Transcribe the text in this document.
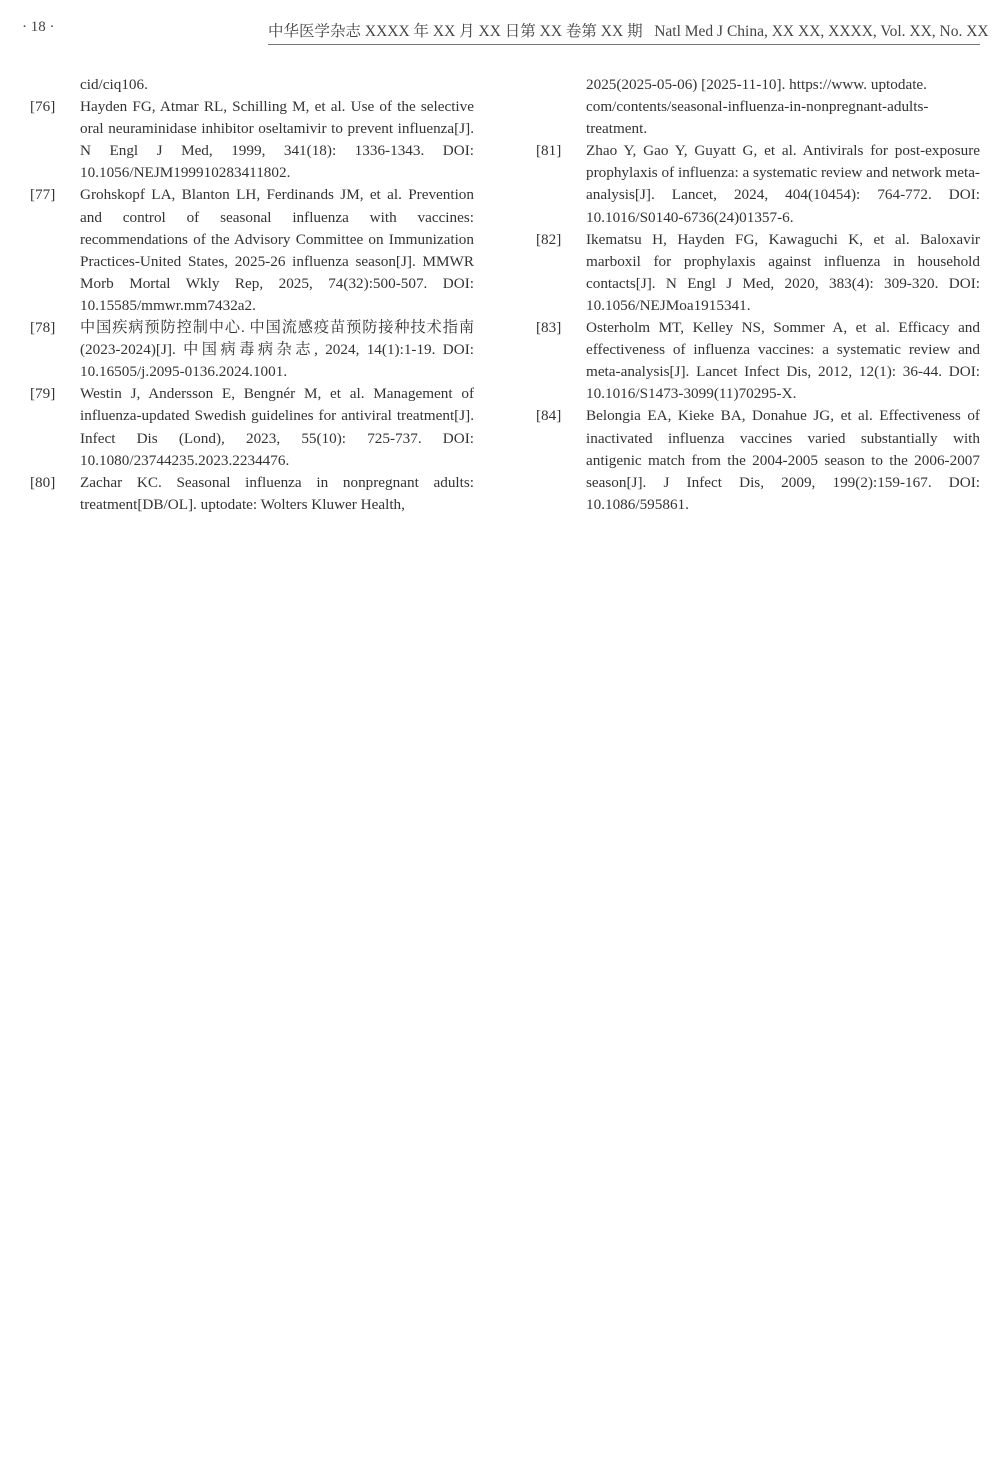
· 18 ·	中华医学杂志 XXXX 年 XX 月 XX 日第 XX 卷第 XX 期 Natl Med J China, XX XX, XXXX, Vol. XX, No. XX
cid/ciq106.
[76]	Hayden FG, Atmar RL, Schilling M, et al. Use of the selective oral neuraminidase inhibitor oseltamivir to prevent influenza[J]. N Engl J Med, 1999, 341(18): 1336-1343. DOI: 10.1056/NEJM199910283411802.
[77]	Grohskopf LA, Blanton LH, Ferdinands JM, et al. Prevention and control of seasonal influenza with vaccines: recommendations of the Advisory Committee on Immunization Practices-United States, 2025-26 influenza season[J]. MMWR Morb Mortal Wkly Rep, 2025, 74(32):500-507. DOI: 10.15585/mmwr.mm7432a2.
[78]	中国疾病预防控制中心. 中国流感疫苗预防接种技术指南(2023-2024)[J]. 中国病毒病杂志, 2024, 14(1):1-19. DOI: 10.16505/j.2095-0136.2024.1001.
[79]	Westin J, Andersson E, Bengnér M, et al. Management of influenza-updated Swedish guidelines for antiviral treatment[J]. Infect Dis (Lond), 2023, 55(10): 725-737. DOI: 10.1080/23744235.2023.2234476.
[80]	Zachar KC. Seasonal influenza in nonpregnant adults: treatment[DB/OL]. uptodate: Wolters Kluwer Health,
2025(2025-05-06) [2025-11-10]. https://www. uptodate. com/contents/seasonal-influenza-in-nonpregnant-adults-treatment.
[81]	Zhao Y, Gao Y, Guyatt G, et al. Antivirals for post-exposure prophylaxis of influenza: a systematic review and network meta-analysis[J]. Lancet, 2024, 404(10454): 764-772. DOI: 10.1016/S0140-6736(24)01357-6.
[82]	Ikematsu H, Hayden FG, Kawaguchi K, et al. Baloxavir marboxil for prophylaxis against influenza in household contacts[J]. N Engl J Med, 2020, 383(4): 309-320. DOI: 10.1056/NEJMoa1915341.
[83]	Osterholm MT, Kelley NS, Sommer A, et al. Efficacy and effectiveness of influenza vaccines: a systematic review and meta-analysis[J]. Lancet Infect Dis, 2012, 12(1): 36-44. DOI: 10.1016/S1473-3099(11)70295-X.
[84]	Belongia EA, Kieke BA, Donahue JG, et al. Effectiveness of inactivated influenza vaccines varied substantially with antigenic match from the 2004-2005 season to the 2006-2007 season[J]. J Infect Dis, 2009, 199(2):159-167. DOI: 10.1086/595861.
